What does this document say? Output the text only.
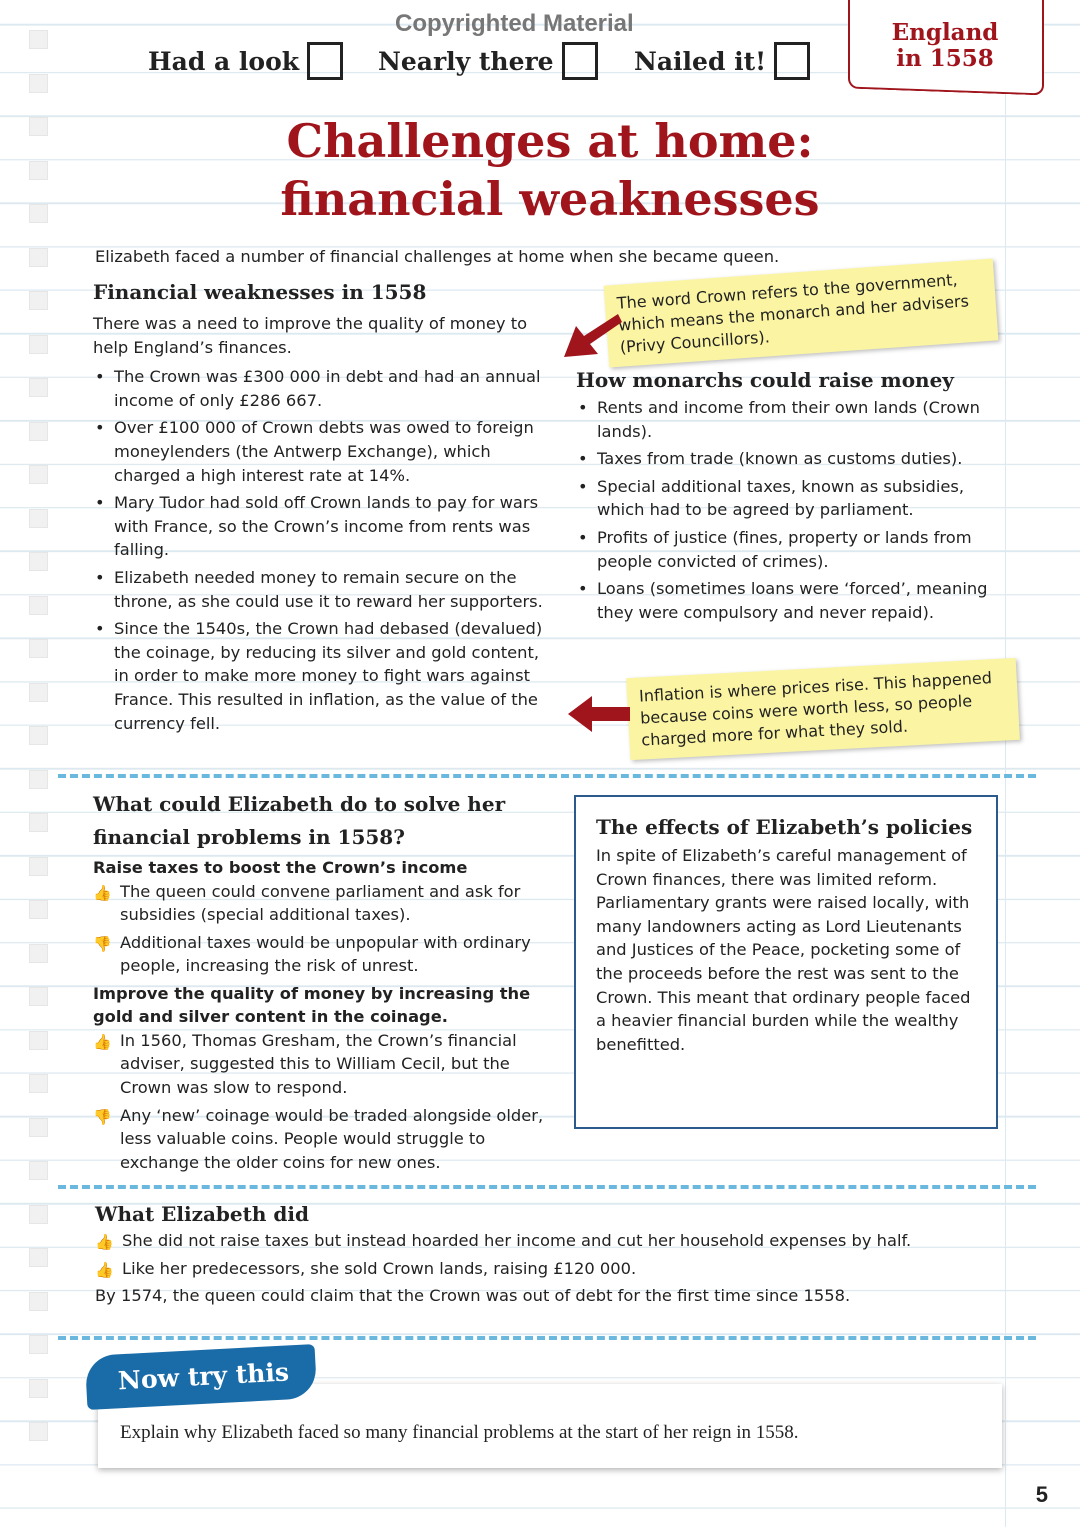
Copyrighted Material
Had a look	Nearly there	Nailed it!
England
in 1558
Challenges at home:
financial weaknesses
Elizabeth faced a number of financial challenges at home when she became queen.
Financial weaknesses in 1558

There was a need to improve the quality of money to help England’s finances.

• The Crown was £300 000 in debt and had an annual income of only £286 667.
• Over £100 000 of Crown debts was owed to foreign moneylenders (the Antwerp Exchange), which charged a high interest rate at 14%.
• Mary Tudor had sold off Crown lands to pay for wars with France, so the Crown’s income from rents was falling.
• Elizabeth needed money to remain secure on the throne, as she could use it to reward her supporters.
• Since the 1540s, the Crown had debased (devalued) the coinage, by reducing its silver and gold content, in order to make more money to fight wars against France. This resulted in inflation, as the value of the currency fell.
The word Crown refers to the government, which means the monarch and her advisers (Privy Councillors).
How monarchs could raise money
• Rents and income from their own lands (Crown lands).
• Taxes from trade (known as customs duties).
• Special additional taxes, known as subsidies, which had to be agreed by parliament.
• Profits of justice (fines, property or lands from people convicted of crimes).
• Loans (sometimes loans were ‘forced’, meaning they were compulsory and never repaid).
Inflation is where prices rise. This happened because coins were worth less, so people charged more for what they sold.
What could Elizabeth do to solve her financial problems in 1558?
Raise taxes to boost the Crown’s income
👍 The queen could convene parliament and ask for subsidies (special additional taxes).
👎 Additional taxes would be unpopular with ordinary people, increasing the risk of unrest.
Improve the quality of money by increasing the gold and silver content in the coinage.
👍 In 1560, Thomas Gresham, the Crown’s financial adviser, suggested this to William Cecil, but the Crown was slow to respond.
👎 Any ‘new’ coinage would be traded alongside older, less valuable coins. People would struggle to exchange the older coins for new ones.
The effects of Elizabeth’s policies

In spite of Elizabeth’s careful management of Crown finances, there was limited reform. Parliamentary grants were raised locally, with many landowners acting as Lord Lieutenants and Justices of the Peace, pocketing some of the proceeds before the rest was sent to the Crown. This meant that ordinary people faced a heavier financial burden while the wealthy benefitted.

What Elizabeth did
👍 She did not raise taxes but instead hoarded her income and cut her household expenses by half.
👍 Like her predecessors, she sold Crown lands, raising £120 000.

By 1574, the queen could claim that the Crown was out of debt for the first time since 1558.

Now try this
Explain why Elizabeth faced so many financial problems at the start of her reign in 1558.
5
